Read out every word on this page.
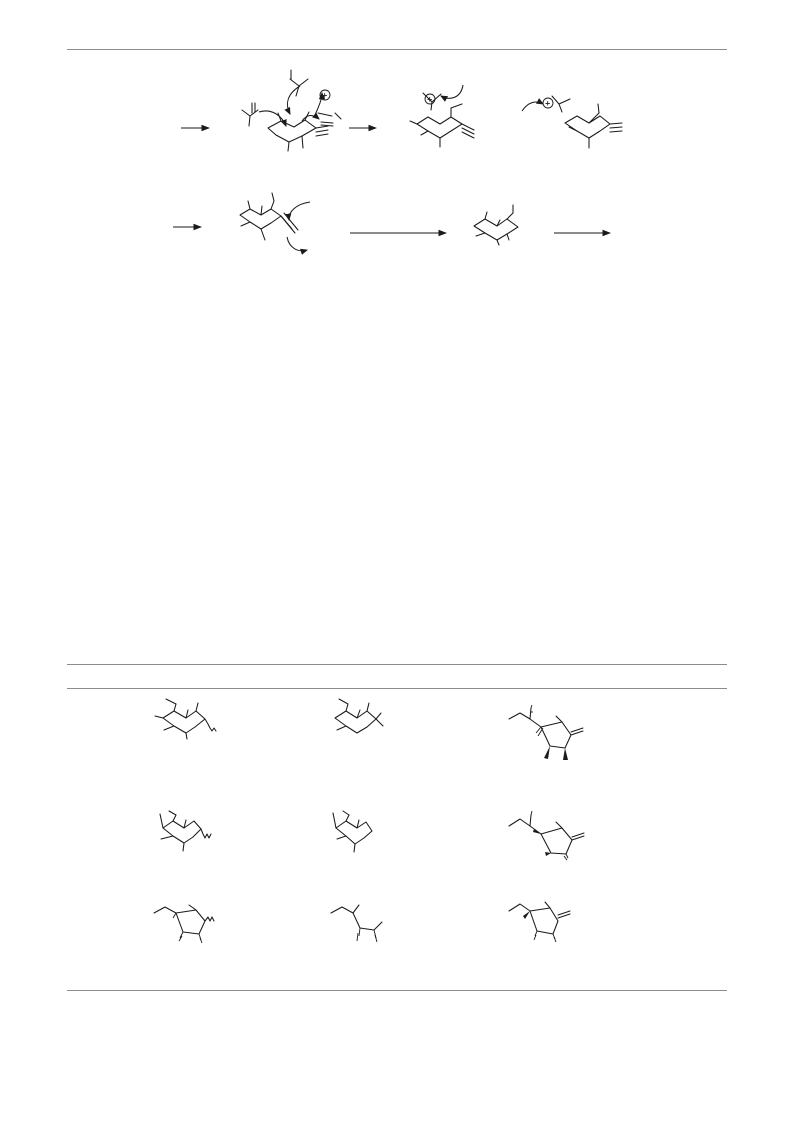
+	+	+
